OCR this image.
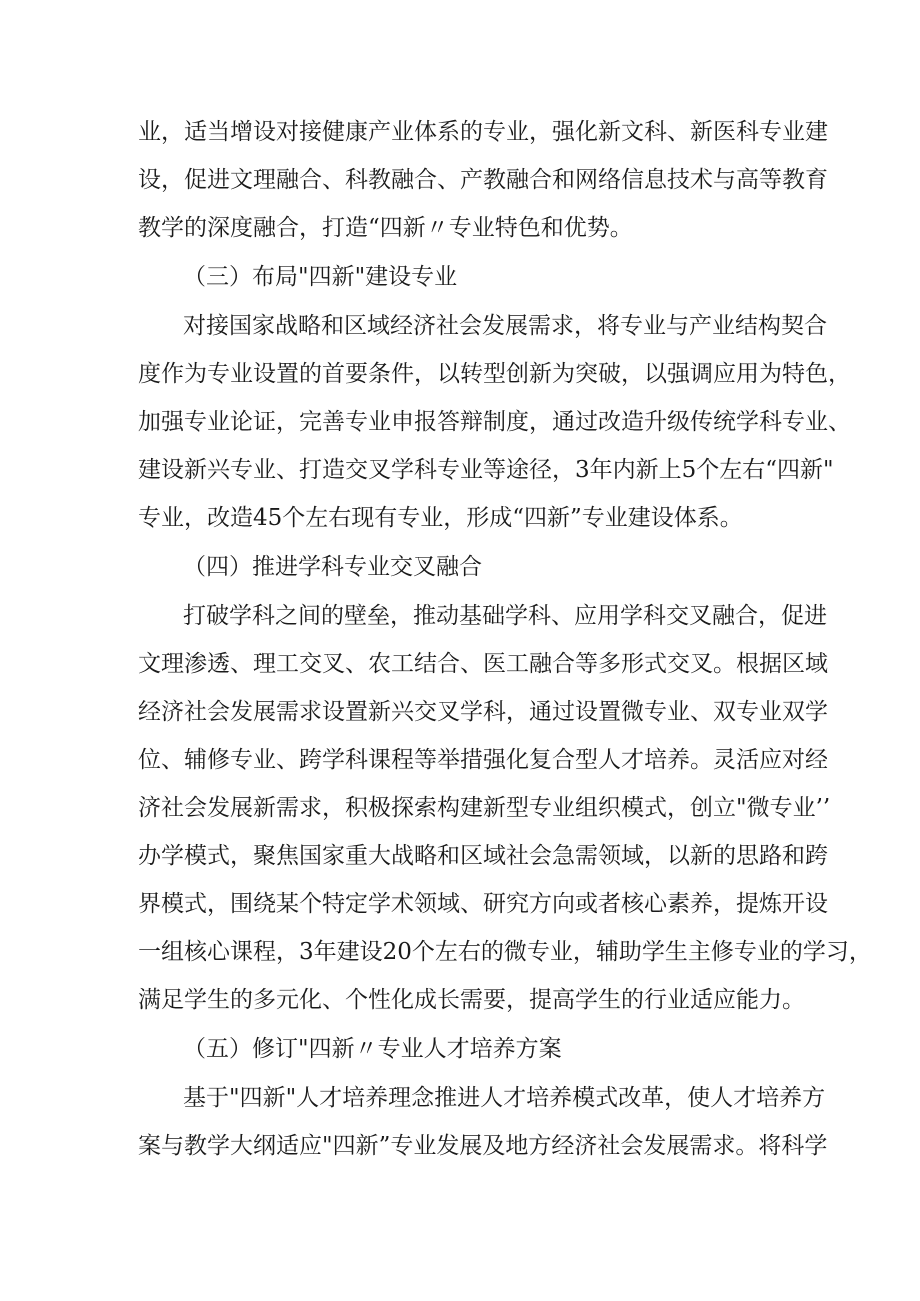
业，适当增设对接健康产业体系的专业，强化新文科、新医科专业建
设，促进文理融合、科教融合、产教融合和网络信息技术与高等教育
教学的深度融合，打造“四新〃专业特色和优势。
（三）布局"四新"建设专业
对接国家战略和区域经济社会发展需求，将专业与产业结构契合
度作为专业设置的首要条件，以转型创新为突破，以强调应用为特色，
加强专业论证，完善专业申报答辩制度，通过改造升级传统学科专业、
建设新兴专业、打造交叉学科专业等途径，3年内新上5个左右“四新"
专业，改造45个左右现有专业，形成“四新”专业建设体系。
（四）推进学科专业交叉融合
打破学科之间的壁垒，推动基础学科、应用学科交叉融合，促进
文理渗透、理工交叉、农工结合、医工融合等多形式交叉。根据区域
经济社会发展需求设置新兴交叉学科，通过设置微专业、双专业双学
位、辅修专业、跨学科课程等举措强化复合型人才培养。灵活应对经
济社会发展新需求，积极探索构建新型专业组织模式，创立"微专业’’
办学模式，聚焦国家重大战略和区域社会急需领域，以新的思路和跨
界模式，围绕某个特定学术领域、研究方向或者核心素养，提炼开设
一组核心课程，3年建设20个左右的微专业，辅助学生主修专业的学习，
满足学生的多元化、个性化成长需要，提高学生的行业适应能力。
（五）修订"四新〃专业人才培养方案
基于"四新"人才培养理念推进人才培养模式改革，使人才培养方
案与教学大纲适应"四新”专业发展及地方经济社会发展需求。将科学
